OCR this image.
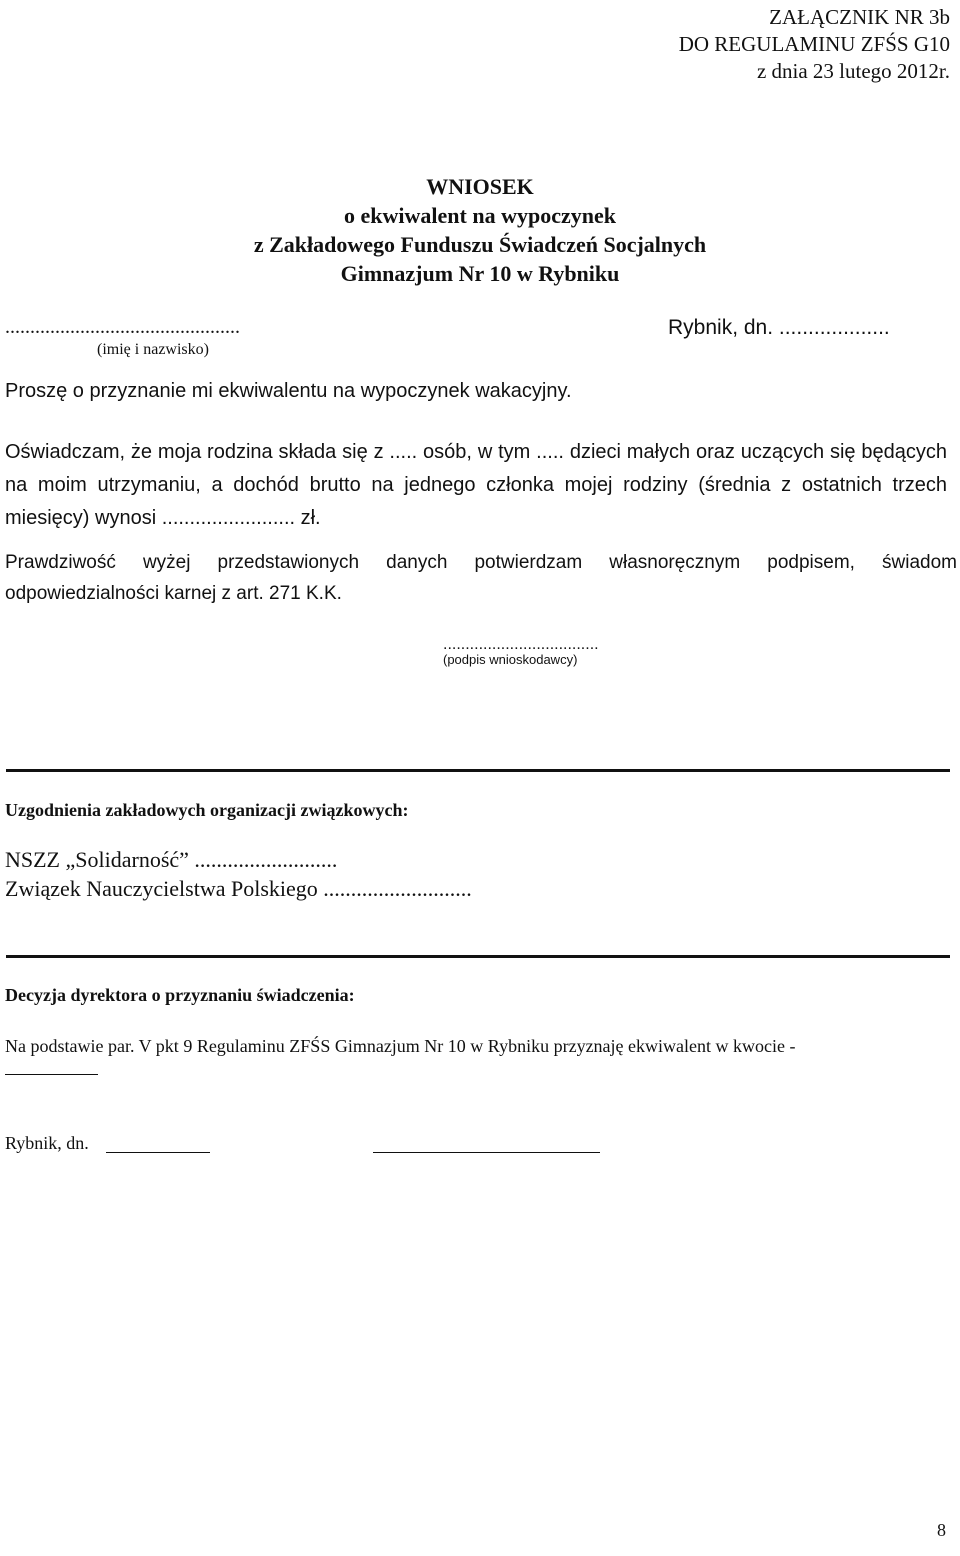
ZAŁĄCZNIK NR 3b
DO REGULAMINU ZFŚS G10
z dnia 23 lutego 2012r.
WNIOSEK
o ekwiwalent na wypoczynek
z Zakładowego Funduszu Świadczeń Socjalnych
Gimnazjum Nr 10 w Rybniku
...............................................
(imię i nazwisko)
Rybnik, dn. ...................
Proszę o przyznanie mi ekwiwalentu na wypoczynek wakacyjny.
Oświadczam, że moja rodzina składa się z ..... osób, w tym ..... dzieci małych oraz uczących się będących na moim utrzymaniu, a dochód brutto na jednego członka mojej rodziny (średnia z ostatnich trzech miesięcy) wynosi ........................ zł.
Prawdziwość wyżej przedstawionych danych potwierdzam własnoręcznym podpisem, świadom odpowiedzialności karnej z art. 271 K.K.
...................................
(podpis wnioskodawcy)
Uzgodnienia zakładowych organizacji związkowych:
NSZZ „Solidarność” ..........................
Związek Nauczycielstwa Polskiego ...........................
Decyzja dyrektora o przyznaniu świadczenia:
Na podstawie par. V pkt 9 Regulaminu ZFŚS Gimnazjum Nr 10 w Rybniku przyznaję ekwiwalent w kwocie -
Rybnik, dn.
8
